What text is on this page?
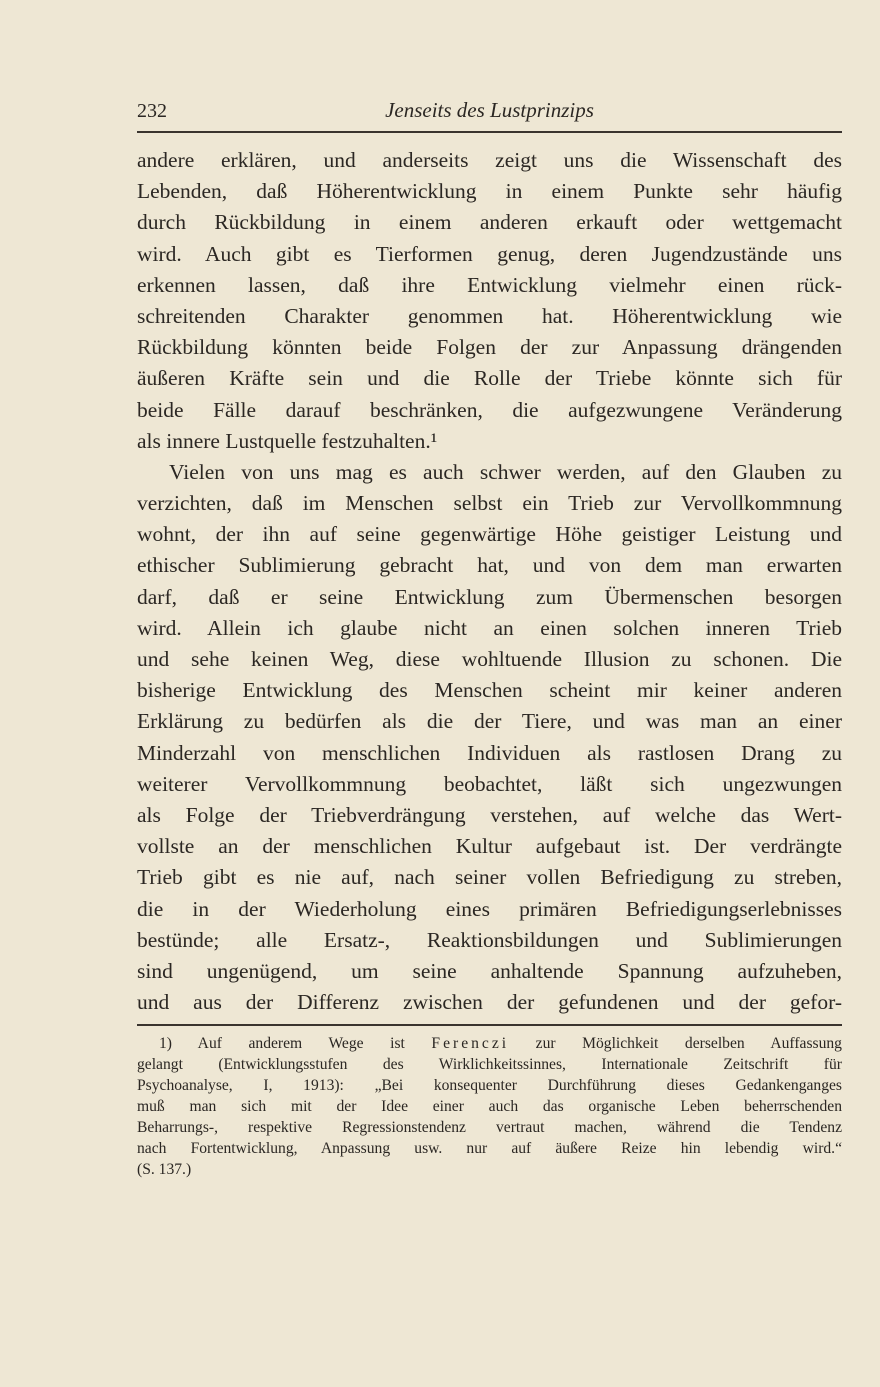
232	Jenseits des Lustprinzips
andere erklären, und anderseits zeigt uns die Wissenschaft des
Lebenden, daß Höherentwicklung in einem Punkte sehr häufig
durch Rückbildung in einem anderen erkauft oder wettgemacht
wird. Auch gibt es Tierformen genug, deren Jugendzustände uns
erkennen lassen, daß ihre Entwicklung vielmehr einen rück-
schreitenden Charakter genommen hat. Höherentwicklung wie
Rückbildung könnten beide Folgen der zur Anpassung drängenden
äußeren Kräfte sein und die Rolle der Triebe könnte sich für
beide Fälle darauf beschränken, die aufgezwungene Veränderung
als innere Lustquelle festzuhalten.¹
Vielen von uns mag es auch schwer werden, auf den Glauben zu
verzichten, daß im Menschen selbst ein Trieb zur Vervollkommnung
wohnt, der ihn auf seine gegenwärtige Höhe geistiger Leistung und
ethischer Sublimierung gebracht hat, und von dem man erwarten
darf, daß er seine Entwicklung zum Übermenschen besorgen
wird. Allein ich glaube nicht an einen solchen inneren Trieb
und sehe keinen Weg, diese wohltuende Illusion zu schonen. Die
bisherige Entwicklung des Menschen scheint mir keiner anderen
Erklärung zu bedürfen als die der Tiere, und was man an einer
Minderzahl von menschlichen Individuen als rastlosen Drang zu
weiterer Vervollkommnung beobachtet, läßt sich ungezwungen
als Folge der Triebverdrängung verstehen, auf welche das Wert-
vollste an der menschlichen Kultur aufgebaut ist. Der verdrängte
Trieb gibt es nie auf, nach seiner vollen Befriedigung zu streben,
die in der Wiederholung eines primären Befriedigungserlebnisses
bestünde; alle Ersatz-, Reaktionsbildungen und Sublimierungen
sind ungenügend, um seine anhaltende Spannung aufzuheben,
und aus der Differenz zwischen der gefundenen und der gefor-
1) Auf anderem Wege ist Ferenczi zur Möglichkeit derselben Auffassung
gelangt (Entwicklungsstufen des Wirklichkeitssinnes, Internationale Zeitschrift für
Psychoanalyse, I, 1913): „Bei konsequenter Durchführung dieses Gedankenganges
muß man sich mit der Idee einer auch das organische Leben beherrschenden
Beharrungs-, respektive Regressionstendenz vertraut machen, während die Tendenz
nach Fortentwicklung, Anpassung usw. nur auf äußere Reize hin lebendig wird.“
(S. 137.)
